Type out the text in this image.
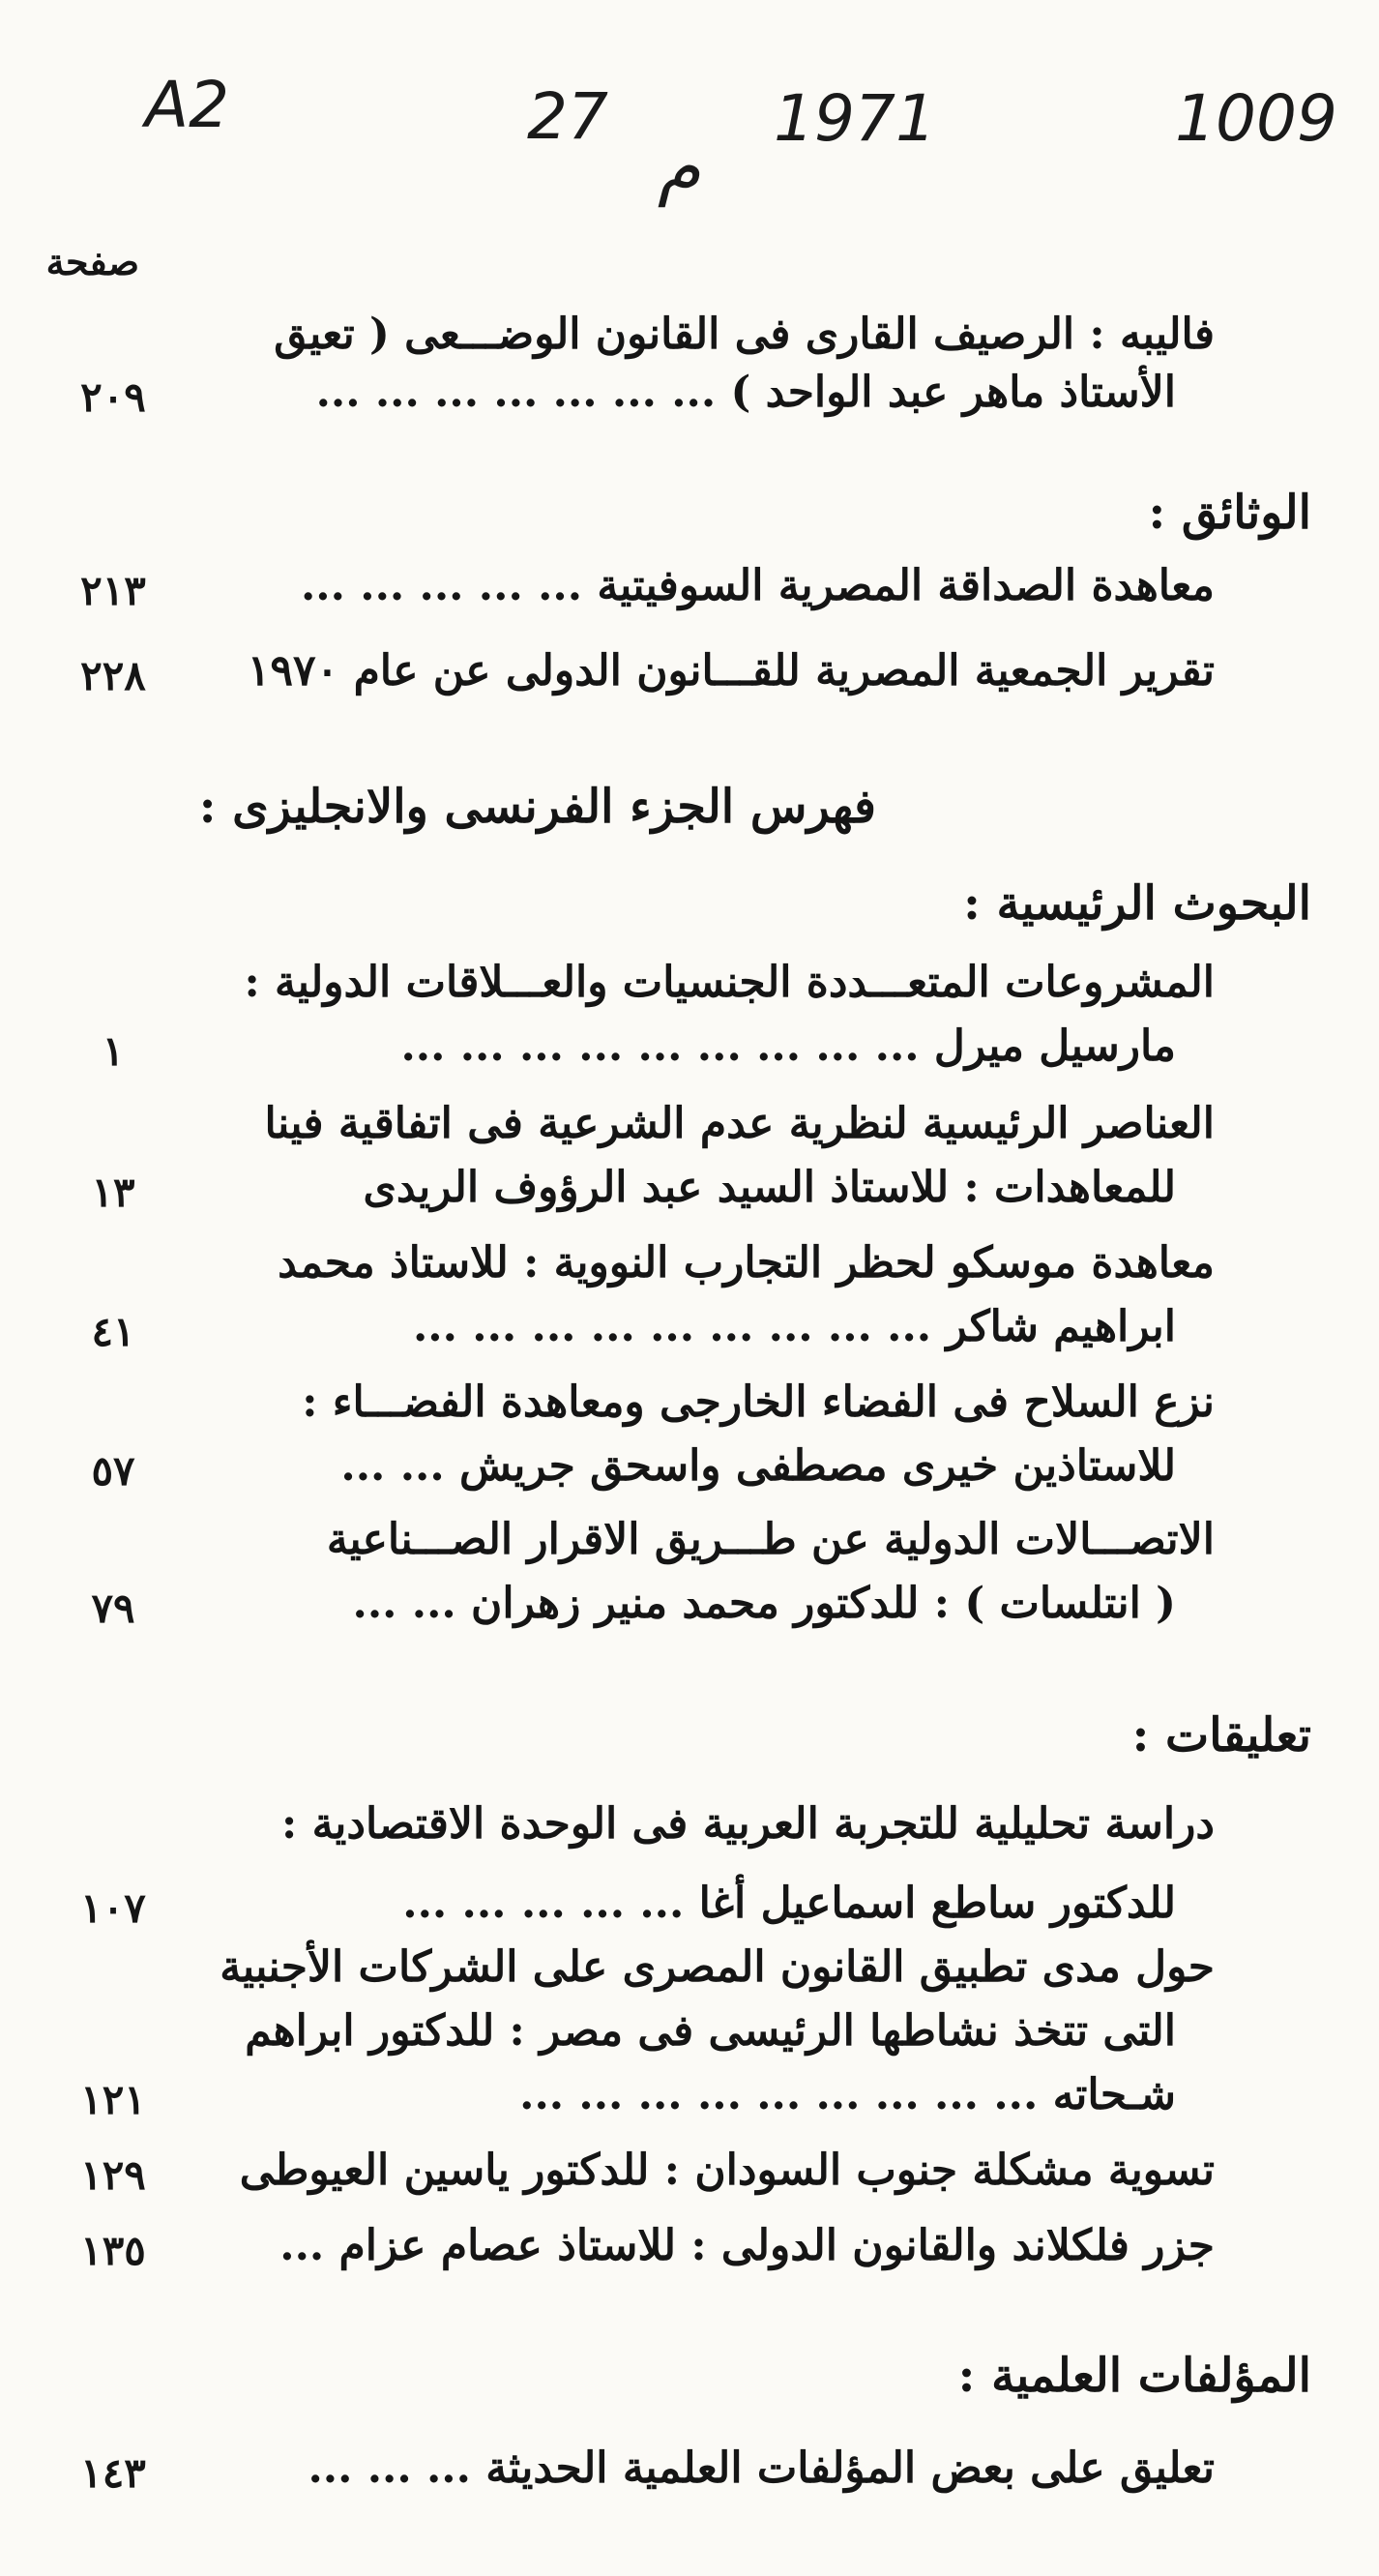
A2	27
م
1971	1009
صفحة
فاليبه : الرصيف القارى فى القانون الوضـــعى ( تعيق
الأستاذ ماهر عبد الواحد ) ... ... ... ... ... ... ...
٢٠٩
الوثائق :
معاهدة الصداقة المصرية السوفيتية ... ... ... ... ...
٢١٣
تقرير الجمعية المصرية للقـــانون الدولى عن عام ١٩٧٠
٢٢٨
فهرس الجزء الفرنسى والانجليزى :
البحوث الرئيسية :
المشروعات المتعـــددة الجنسيات والعـــلاقات الدولية :
مارسيل ميرل ... ... ... ... ... ... ... ... ...
١
العناصر الرئيسية لنظرية عدم الشرعية فى اتفاقية فينا
للمعاهدات : للاستاذ السيد عبد الرؤوف الريدى
١٣
معاهدة موسكو لحظر التجارب النووية : للاستاذ محمد
ابراهيم شاكر ... ... ... ... ... ... ... ... ...
٤١
نزع السلاح فى الفضاء الخارجى ومعاهدة الفضـــاء :
للاستاذين خيرى مصطفى واسحق جريش ... ...
٥٧
الاتصـــالات الدولية عن طـــريق الاقرار الصـــناعية
( انتلسات ) : للدكتور محمد منير زهران ... ...
٧٩
تعليقات :
دراسة تحليلية للتجربة العربية فى الوحدة الاقتصادية :
للدكتور ساطع اسماعيل أغا ... ... ... ... ...
١٠٧
حول مدى تطبيق القانون المصرى على الشركات الأجنبية
التى تتخذ نشاطها الرئيسى فى مصر : للدكتور ابراهم
شـحاته ... ... ... ... ... ... ... ... ...
١٢١
تسوية مشكلة جنوب السودان : للدكتور ياسين العيوطى
١٢٩
جزر فلكلاند والقانون الدولى : للاستاذ عصام عزام ...
١٣٥
المؤلفات العلمية :
تعليق على بعض المؤلفات العلمية الحديثة ... ... ...
١٤٣
